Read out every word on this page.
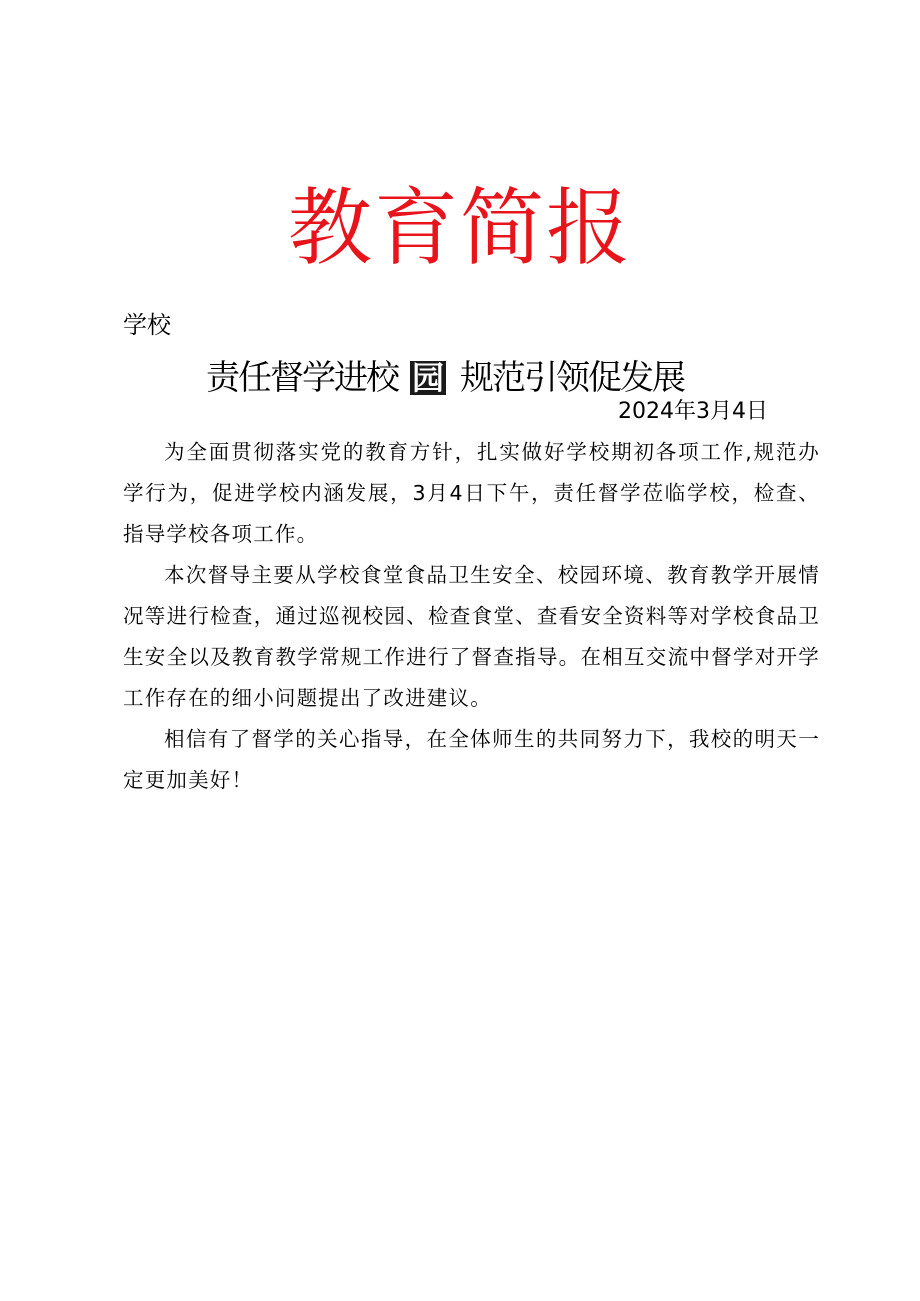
教育简报
学校
责任督学进校 园 规范引领促发展
2024年3月4日

为全面贯彻落实党的教育方针，扎实做好学校期初各项工作,规范办学行为，促进学校内涵发展，3月4日下午，责任督学莅临学校，检查、指导学校各项工作。

本次督导主要从学校食堂食品卫生安全、校园环境、教育教学开展情况等进行检查，通过巡视校园、检查食堂、查看安全资料等对学校食品卫生安全以及教育教学常规工作进行了督查指导。在相互交流中督学对开学工作存在的细小问题提出了改进建议。

相信有了督学的关心指导，在全体师生的共同努力下，我校的明天一定更加美好！
